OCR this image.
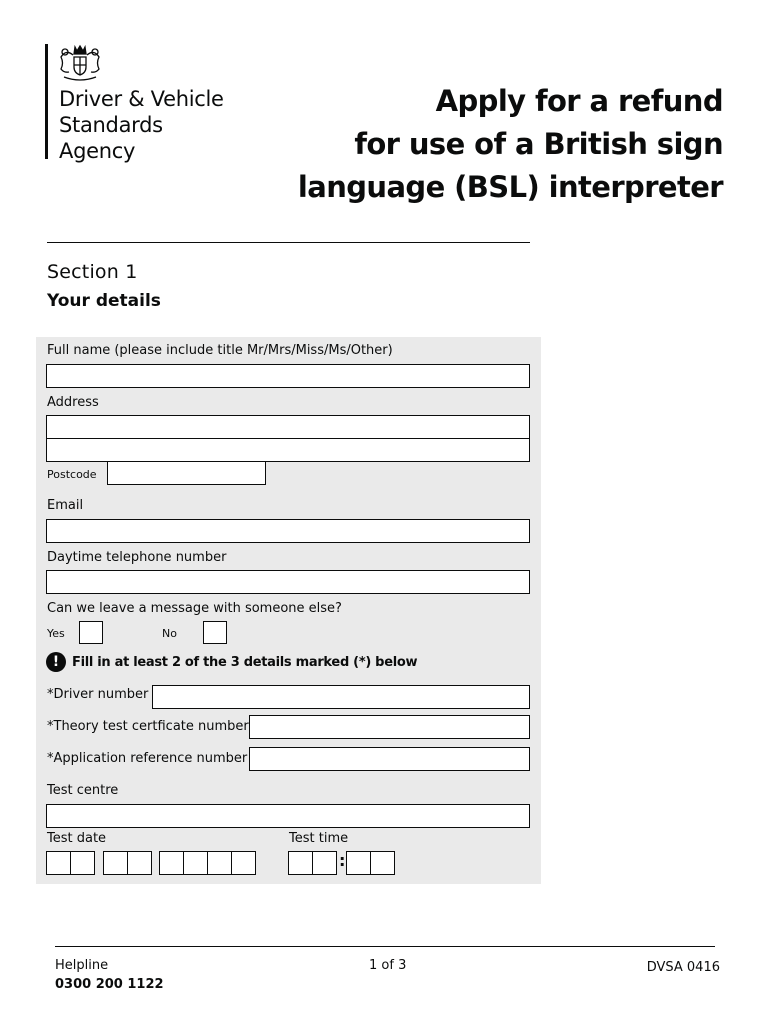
Driver & Vehicle
Standards
Agency
Apply for a refund
for use of a British sign
language (BSL) interpreter
Section 1
Your details
Full name (please include title Mr/Mrs/Miss/Ms/Other)
Address
Postcode
Email
Daytime telephone number
Can we leave a message with someone else?
Yes	No
! Fill in at least 2 of the 3 details marked (*) below
*Driver number
*Theory test certficate number
*Application reference number
Test centre
Test date	Test time
:
Helpline
0300 200 1122
1 of 3	DVSA 0416
